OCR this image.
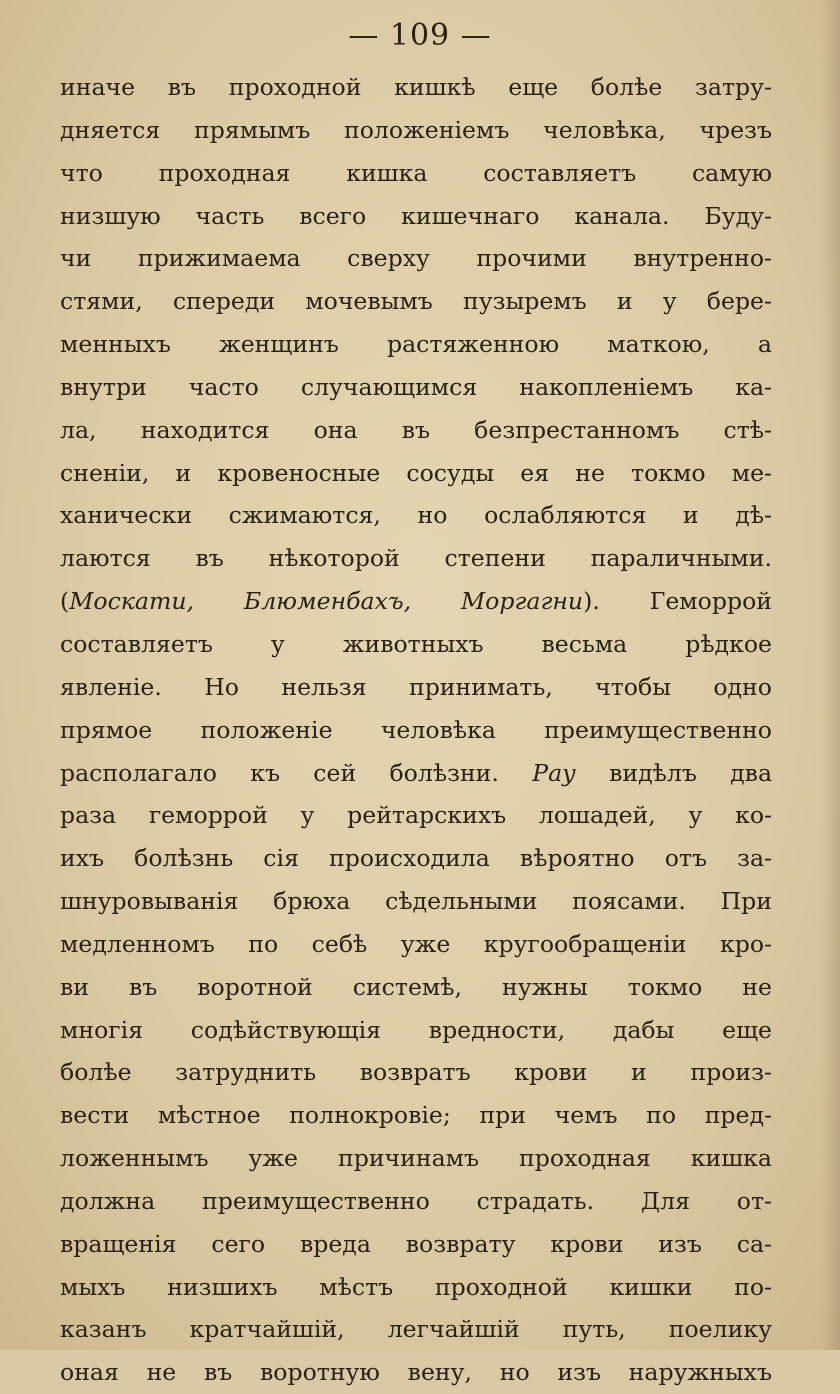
— 109 —
иначе въ проходной кишкѣ еще болѣе затру-
дняется прямымъ положеніемъ человѣка, чрезъ
что проходная кишка составляетъ самую
низшую часть всего кишечнаго канала. Буду-
чи прижимаема сверху прочими внутренно-
стями, спереди мочевымъ пузыремъ и у бере-
менныхъ женщинъ растяженною маткою, а
внутри часто случающимся накопленіемъ ка-
ла, находится она въ безпрестанномъ стѣ-
сненіи, и кровеносные сосуды ея не токмо ме-
ханически сжимаются, но ослабляются и дѣ-
лаются въ нѣкоторой степени параличными.
(Москати, Блюменбахъ, Моргагни). Геморрой
составляетъ у животныхъ весьма рѣдкое
явленіе. Но нельзя принимать, чтобы одно
прямое положеніе человѣка преимущественно
располагало къ сей болѣзни. Рау видѣлъ два
раза геморрой у рейтарскихъ лошадей, у ко-
ихъ болѣзнь сія происходила вѣроятно отъ за-
шнуровыванія брюха сѣдельными поясами. При
медленномъ по себѣ уже кругообращеніи кро-
ви въ воротной системѣ, нужны токмо не
многія содѣйствующія вредности, дабы еще
болѣе затруднить возвратъ крови и произ-
вести мѣстное полнокровіе; при чемъ по пред-
ложеннымъ уже причинамъ проходная кишка
должна преимущественно страдать. Для от-
вращенія сего вреда возврату крови изъ са-
мыхъ низшихъ мѣстъ проходной кишки по-
казанъ кратчайшій, легчайшій путь, поелику
оная не въ воротную вену, но изъ наружныхъ
